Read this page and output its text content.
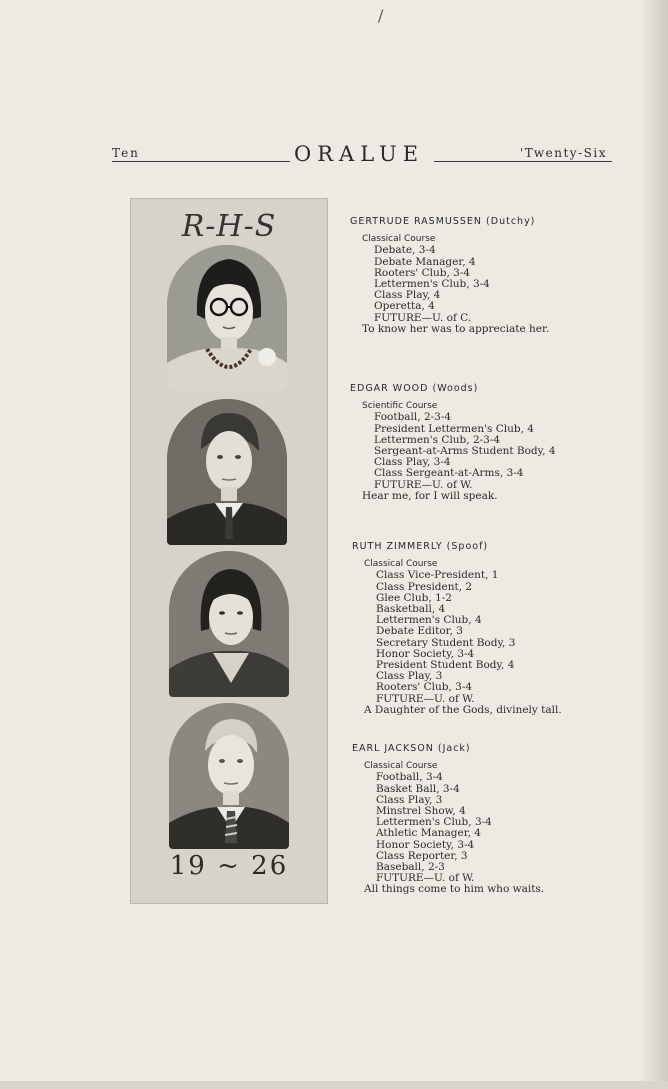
/
Ten	ORALUE	'Twenty-Six
R-H-S
19 ~ 26
GERTRUDE RASMUSSEN (Dutchy)
Classical Course
Debate, 3-4
Debate Manager, 4
Rooters' Club, 3-4
Lettermen's Club, 3-4
Class Play, 4
Operetta, 4
FUTURE—U. of C.
To know her was to appreciate her.
EDGAR WOOD (Woods)
Scientific Course
Football, 2-3-4
President Lettermen's Club, 4
Lettermen's Club, 2-3-4
Sergeant-at-Arms Student Body, 4
Class Play, 3-4
Class Sergeant-at-Arms, 3-4
FUTURE—U. of W.
Hear me, for I will speak.
RUTH ZIMMERLY (Spoof)
Classical Course
Class Vice-President, 1
Class President, 2
Glee Club, 1-2
Basketball, 4
Lettermen's Club, 4
Debate Editor, 3
Secretary Student Body, 3
Honor Society, 3-4
President Student Body, 4
Class Play, 3
Rooters' Club, 3-4
FUTURE—U. of W.
A Daughter of the Gods, divinely tall.
EARL JACKSON (Jack)
Classical Course
Football, 3-4
Basket Ball, 3-4
Class Play, 3
Minstrel Show, 4
Lettermen's Club, 3-4
Athletic Manager, 4
Honor Society, 3-4
Class Reporter, 3
Baseball, 2-3
FUTURE—U. of W.
All things come to him who waits.
